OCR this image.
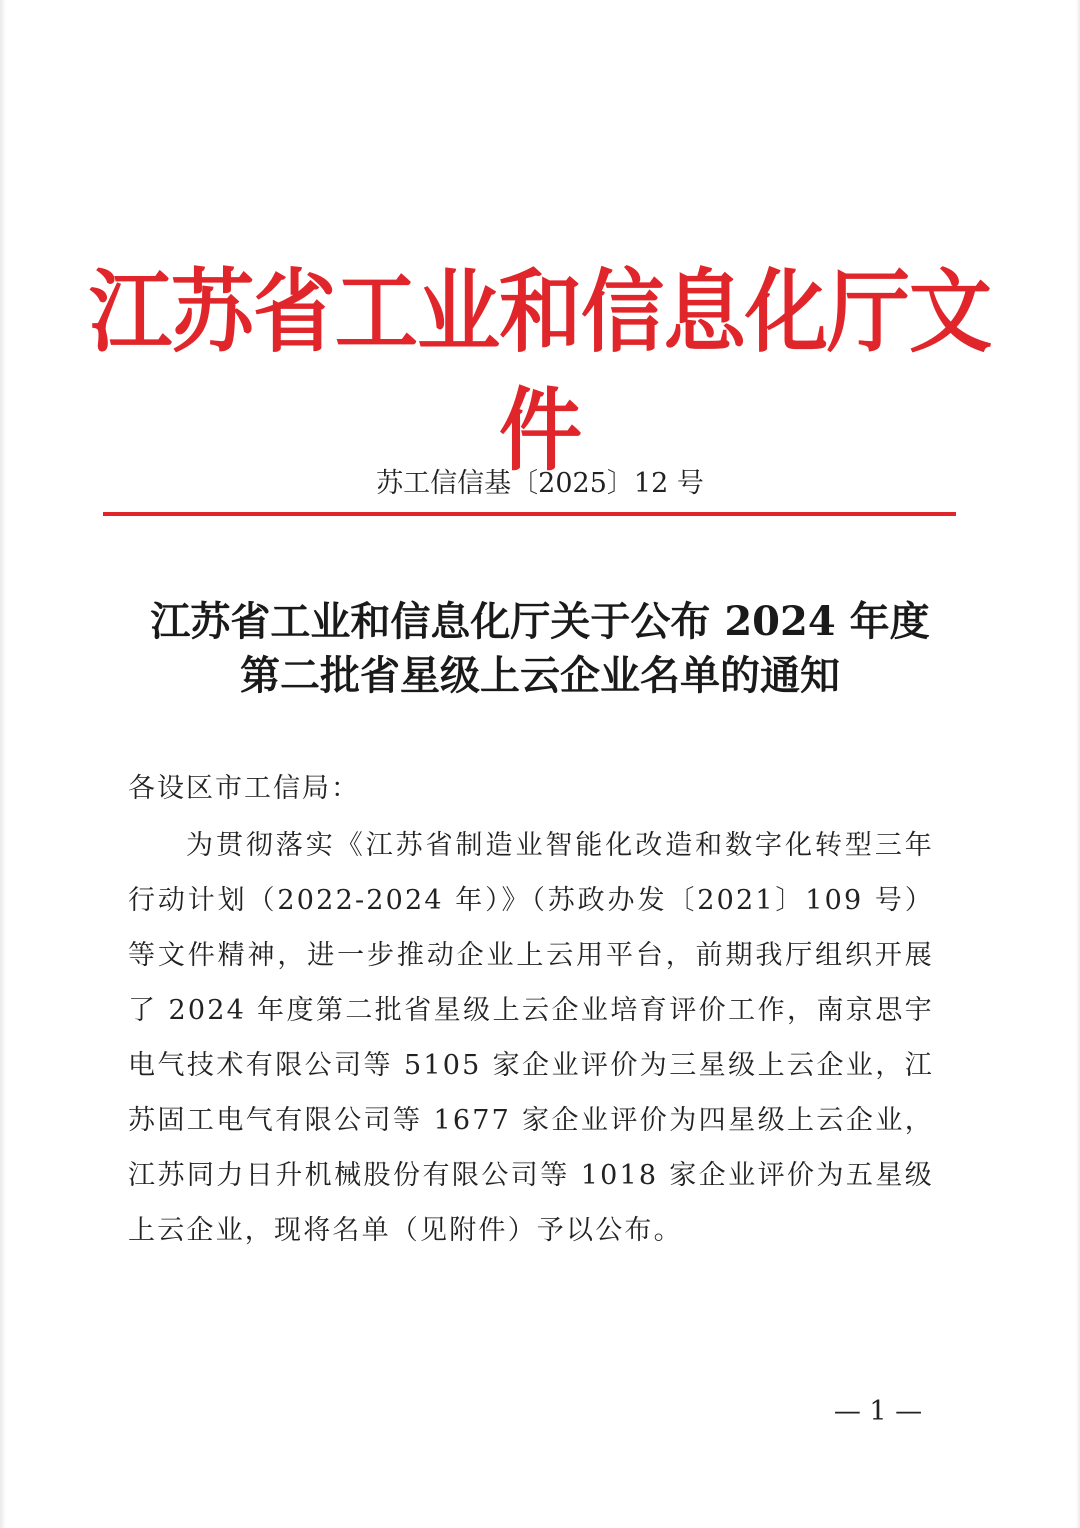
江苏省工业和信息化厅文件
苏工信信基〔2025〕12 号
江苏省工业和信息化厅关于公布 2024 年度
第二批省星级上云企业名单的通知
各设区市工信局：

为贯彻落实《江苏省制造业智能化改造和数字化转型三年行动计划（2022-2024 年）》（苏政办发〔2021〕109 号）等文件精神，进一步推动企业上云用平台，前期我厅组织开展了 2024 年度第二批省星级上云企业培育评价工作，南京思宇电气技术有限公司等 5105 家企业评价为三星级上云企业，江苏固工电气有限公司等 1677 家企业评价为四星级上云企业，江苏同力日升机械股份有限公司等 1018 家企业评价为五星级上云企业，现将名单（见附件）予以公布。

— 1 —
